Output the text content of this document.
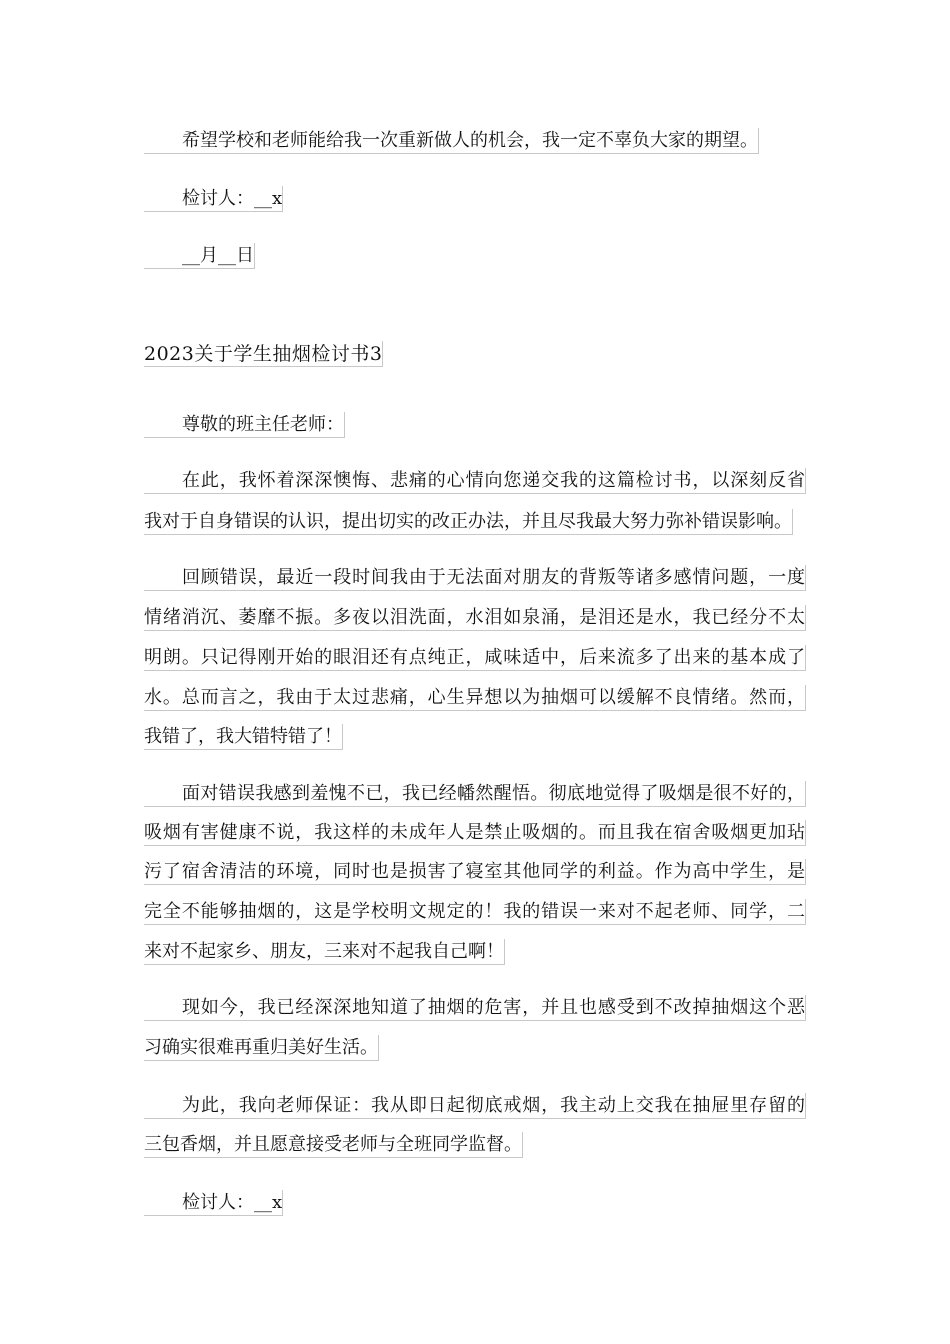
希望学校和老师能给我一次重新做人的机会，我一定不辜负大家的期望。
检讨人：__x
__月__日
2023关于学生抽烟检讨书3
尊敬的班主任老师：
在此，我怀着深深懊悔、悲痛的心情向您递交我的这篇检讨书，以深刻反省
我对于自身错误的认识，提出切实的改正办法，并且尽我最大努力弥补错误影响。
回顾错误，最近一段时间我由于无法面对朋友的背叛等诸多感情问题，一度
情绪消沉、萎靡不振。多夜以泪洗面，水泪如泉涌，是泪还是水，我已经分不太
明朗。只记得刚开始的眼泪还有点纯正，咸味适中，后来流多了出来的基本成了
水。总而言之，我由于太过悲痛，心生异想以为抽烟可以缓解不良情绪。然而，
我错了，我大错特错了！
面对错误我感到羞愧不已，我已经幡然醒悟。彻底地觉得了吸烟是很不好的，
吸烟有害健康不说，我这样的未成年人是禁止吸烟的。而且我在宿舍吸烟更加玷
污了宿舍清洁的环境，同时也是损害了寝室其他同学的利益。作为高中学生，是
完全不能够抽烟的，这是学校明文规定的！我的错误一来对不起老师、同学，二
来对不起家乡、朋友，三来对不起我自己啊！
现如今，我已经深深地知道了抽烟的危害，并且也感受到不改掉抽烟这个恶
习确实很难再重归美好生活。
为此，我向老师保证：我从即日起彻底戒烟，我主动上交我在抽屉里存留的
三包香烟，并且愿意接受老师与全班同学监督。
检讨人：__x
